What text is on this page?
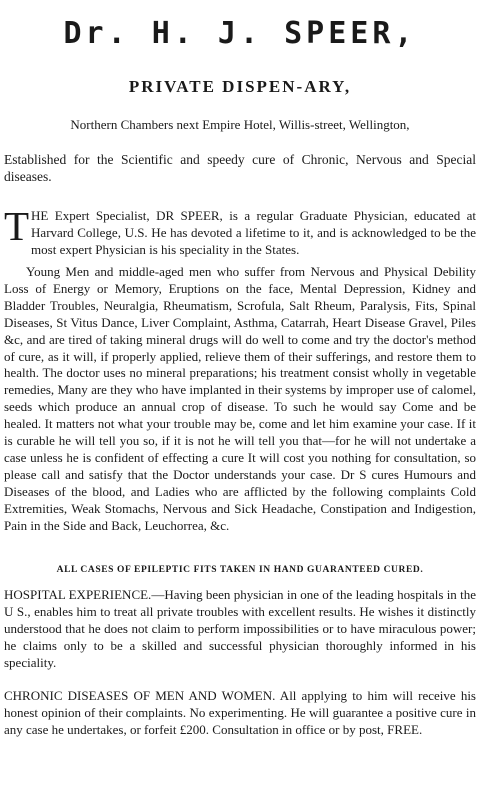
Dr. H. J. SPEER,
PRIVATE DISPEN-ARY,
Northern Chambers next Empire Hotel, Willis-street, Wellington,
Established for the Scientific and speedy cure of Chronic, Nervous and Special diseases.
THE Expert Specialist, DR SPEER, is a regular Graduate Physician, educated at Harvard College, U.S. He has devoted a lifetime to it, and is acknowledged to be the most expert Physician is his speciality in the States.
Young Men and middle-aged men who suffer from Nervous and Physical Debility Loss of Energy or Memory, Eruptions on the face, Mental Depression, Kidney and Bladder Troubles, Neuralgia, Rheumatism, Scrofula, Salt Rheum, Paralysis, Fits, Spinal Diseases, St Vitus Dance, Liver Complaint, Asthma, Catarrah, Heart Disease Gravel, Piles &c, and are tired of taking mineral drugs will do well to come and try the doctor's method of cure, as it will, if properly applied, relieve them of their sufferings, and restore them to health. The doctor uses no mineral preparations; his treatment consist wholly in vegetable remedies, Many are they who have implanted in their systems by improper use of calomel, seeds which produce an annual crop of disease. To such he would say Come and be healed. It matters not what your trouble may be, come and let him examine your case. If it is curable he will tell you so, if it is not he will tell you that—for he will not undertake a case unless he is confident of effecting a cure It will cost you nothing for consultation, so please call and satisfy that the Doctor understands your case. Dr S cures Humours and Diseases of the blood, and Ladies who are afflicted by the following complaints Cold Extremities, Weak Stomachs, Nervous and Sick Headache, Constipation and Indigestion, Pain in the Side and Back, Leuchorrea, &c.
ALL CASES OF EPILEPTIC FITS TAKEN IN HAND GUARANTEED CURED.
HOSPITAL EXPERIENCE.—Having been physician in one of the leading hospitals in the U S., enables him to treat all private troubles with excellent results. He wishes it distinctly understood that he does not claim to perform impossibilities or to have miraculous power; he claims only to be a skilled and successful physician thoroughly informed in his speciality.
CHRONIC DISEASES OF MEN AND WOMEN. All applying to him will receive his honest opinion of their complaints. No experimenting. He will guarantee a positive cure in any case he undertakes, or forfeit £200. Consultation in office or by post, FREE.
